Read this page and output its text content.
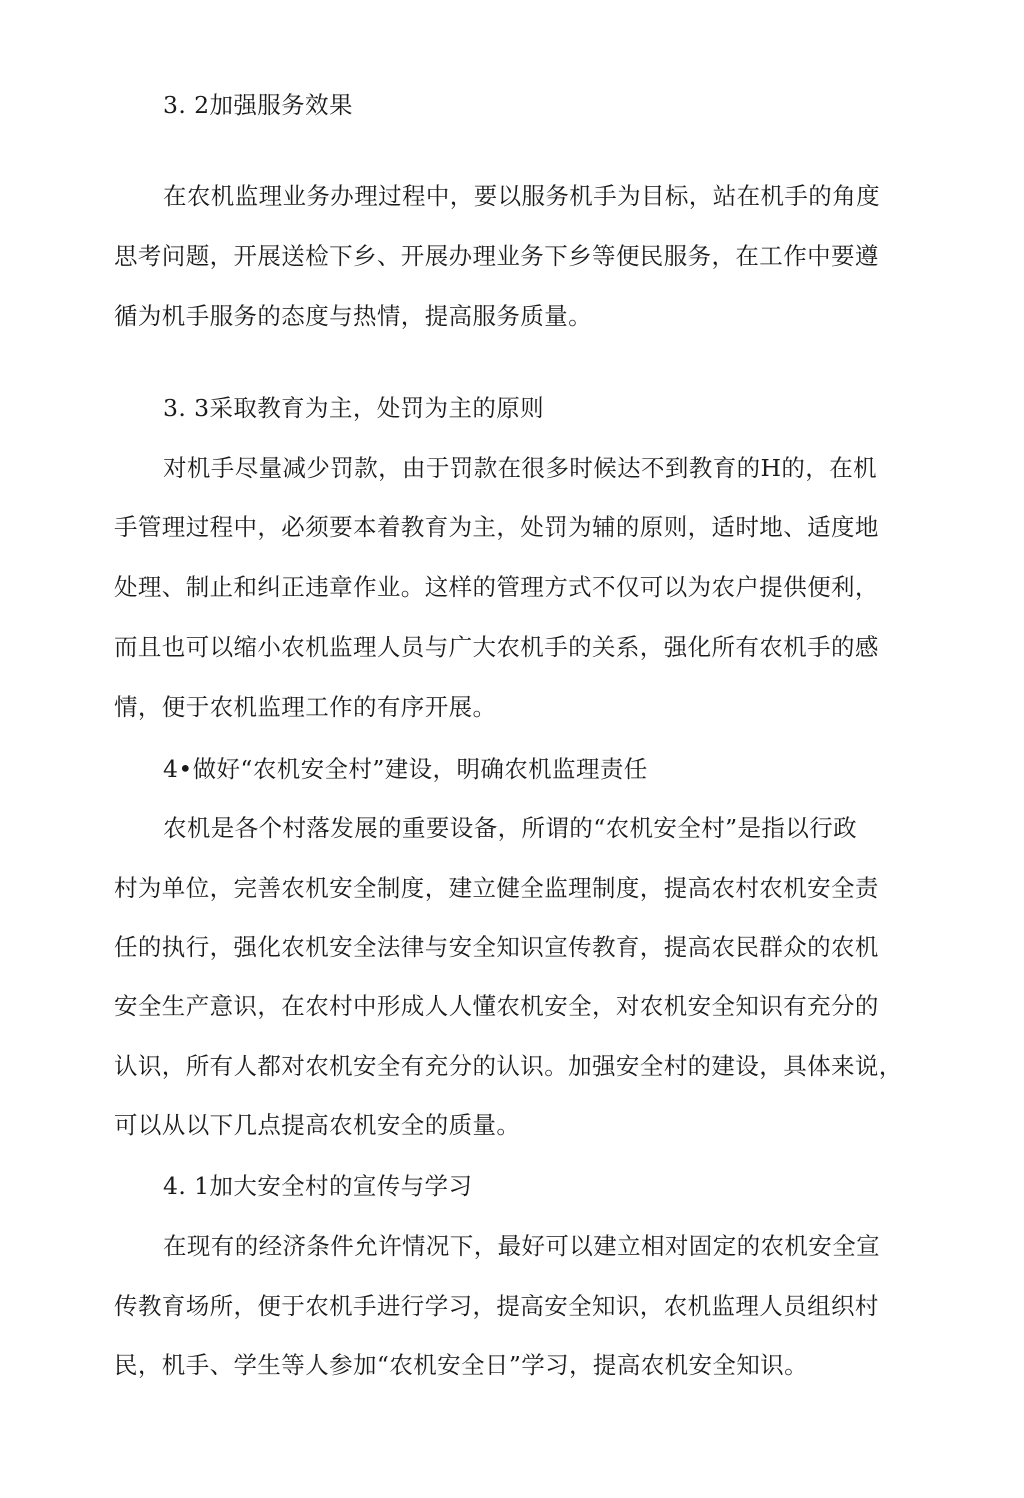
3. 2加强服务效果
在农机监理业务办理过程中，要以服务机手为目标，站在机手的角度
思考问题，开展送检下乡、开展办理业务下乡等便民服务，在工作中要遵
循为机手服务的态度与热情，提高服务质量。
3. 3采取教育为主，处罚为主的原则
对机手尽量减少罚款，由于罚款在很多时候达不到教育的H的，在机
手管理过程中，必须要本着教育为主，处罚为辅的原则，适时地、适度地
处理、制止和纠正违章作业。这样的管理方式不仅可以为农户提供便利，
而且也可以缩小农机监理人员与广大农机手的关系，强化所有农机手的感
情，便于农机监理工作的有序开展。
4•做好“农机安全村”建设，明确农机监理责任
农机是各个村落发展的重要设备，所谓的“农机安全村”是指以行政
村为单位，完善农机安全制度，建立健全监理制度，提高农村农机安全责
任的执行，强化农机安全法律与安全知识宣传教育，提高农民群众的农机
安全生产意识，在农村中形成人人懂农机安全，对农机安全知识有充分的
认识，所有人都对农机安全有充分的认识。加强安全村的建设，具体来说，
可以从以下几点提高农机安全的质量。
4. 1加大安全村的宣传与学习
在现有的经济条件允许情况下，最好可以建立相对固定的农机安全宣
传教育场所，便于农机手进行学习，提高安全知识，农机监理人员组织村
民，机手、学生等人参加“农机安全日”学习，提高农机安全知识。
